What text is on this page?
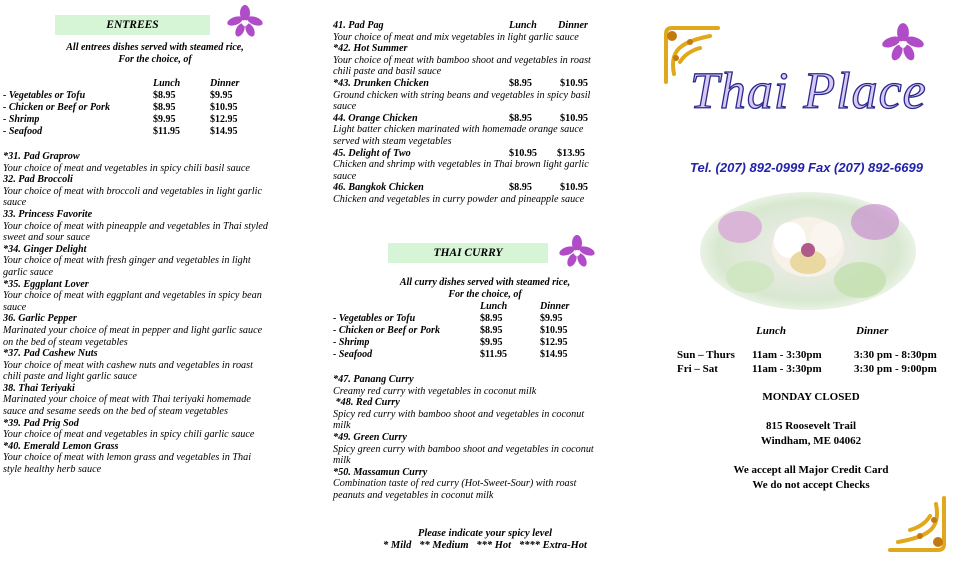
ENTREES
All entrees dishes served with steamed rice,
For the choice, of
	Lunch	Dinner
- Vegetables or Tofu	$8.95	$9.95
- Chicken or Beef or Pork	$8.95	$10.95
- Shrimp	$9.95	$12.95
- Seafood	$11.95	$14.95
*31. Pad Graprow
Your choice of meat and vegetables in spicy chili basil sauce
32. Pad Broccoli
Your choice of meat with broccoli and vegetables in light garlic
sauce
33. Princess Favorite
Your choice of meat with pineapple and vegetables in Thai styled
sweet and sour sauce
*34. Ginger Delight
Your choice of meat with fresh ginger and vegetables in light
garlic sauce
*35. Eggplant Lover
Your choice of meat with eggplant and vegetables in spicy bean
sauce
36. Garlic Pepper
Marinated your choice of meat in pepper and light garlic sauce
on the bed of steam vegetables
*37. Pad Cashew Nuts
Your choice of meat with cashew nuts and vegetables in roast
chili paste and light garlic sauce
38. Thai Teriyaki
Marinated your choice of meat with Thai teriyaki homemade
sauce and sesame seeds on the bed of steam vegetables
*39. Pad Prig Sod
Your choice of meat and vegetables in spicy chili garlic sauce
*40. Emerald Lemon Grass
Your choice of meat with lemon grass and vegetables in Thai
style healthy herb sauce
41. Pad Pag	Lunch Dinner
Your choice of meat and mix vegetables in light garlic sauce
*42. Hot Summer
Your choice of meat with bamboo shoot and vegetables in roast
chili paste and basil sauce
*43. Drunken Chicken	$8.95	$10.95
Ground chicken with string beans and vegetables in spicy basil
sauce
44. Orange Chicken	$8.95	$10.95
Light batter chicken marinated with homemade orange sauce
served with steam vegetables
45. Delight of Two	$10.95 $13.95
Chicken and shrimp with vegetables in Thai brown light garlic
sauce
46. Bangkok Chicken	$8.95	$10.95
Chicken and vegetables in curry powder and pineapple sauce
THAI CURRY
All curry dishes served with steamed rice,
For the choice, of
	Lunch	Dinner
- Vegetables or Tofu	$8.95	$9.95
- Chicken or Beef or Pork	$8.95	$10.95
- Shrimp	$9.95	$12.95
- Seafood	$11.95	$14.95
*47. Panang Curry
Creamy red curry with vegetables in coconut milk
*48. Red Curry
Spicy red curry with bamboo shoot and vegetables in coconut
milk
*49. Green Curry
Spicy green curry with bamboo shoot and vegetables in coconut
milk
*50. Massamun Curry
Combination taste of red curry (Hot-Sweet-Sour) with roast
peanuts and vegetables in coconut milk
Please indicate your spicy level
* Mild   ** Medium   *** Hot   **** Extra-Hot
Thai Place
Tel. (207) 892-0999 Fax (207) 892-6699
Lunch	Dinner
Sun – Thurs 11am - 3:30pm	3:30 pm - 8:30pm
Fri – Sat	11am - 3:30pm	3:30 pm - 9:00pm
MONDAY CLOSED
815 Roosevelt Trail
Windham, ME 04062
We accept all Major Credit Card
We do not accept Checks
